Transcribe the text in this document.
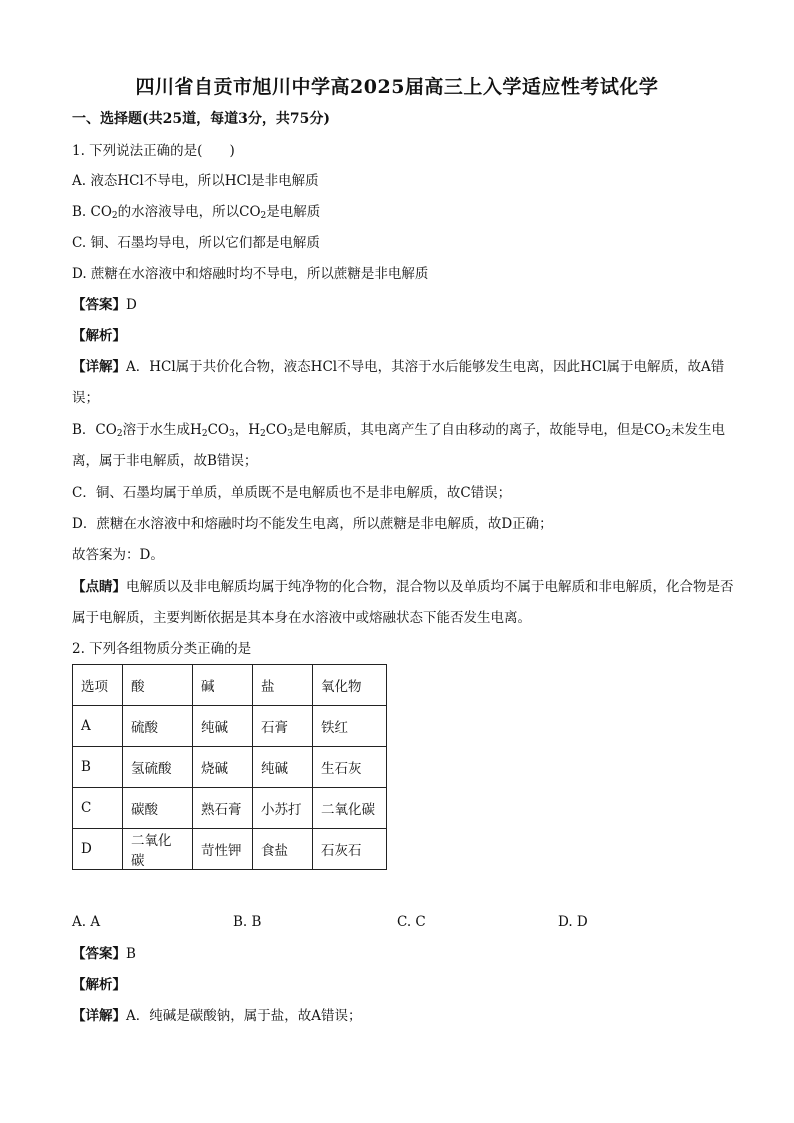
四川省自贡市旭川中学高2025届高三上入学适应性考试化学
一、选择题(共25道，每道3分，共75分)
1. 下列说法正确的是(　　)
A. 液态HCl不导电，所以HCl是非电解质
B. $CO_2$的水溶液导电，所以$CO_2$是电解质
C. 铜、石墨均导电，所以它们都是电解质
D. 蔗糖在水溶液中和熔融时均不导电，所以蔗糖是非电解质
【答案】D
【解析】
【详解】A．HCl属于共价化合物，液态HCl不导电，其溶于水后能够发生电离，因此HCl属于电解质，故A错误；
B．$CO_2$溶于水生成$H_2CO_3$，$H_2CO_3$是电解质，其电离产生了自由移动的离子，故能导电，但是$CO_2$未发生电离，属于非电解质，故B错误；
C．铜、石墨均属于单质，单质既不是电解质也不是非电解质，故C错误；
D．蔗糖在水溶液中和熔融时均不能发生电离，所以蔗糖是非电解质，故D正确；
故答案为：D。
【点睛】电解质以及非电解质均属于纯净物的化合物，混合物以及单质均不属于电解质和非电解质，化合物是否属于电解质，主要判断依据是其本身在水溶液中或熔融状态下能否发生电离。
2. 下列各组物质分类正确的是
选项	酸	碱	盐	氧化物
A	硫酸	纯碱	石膏	铁红
B	氢硫酸	烧碱	纯碱	生石灰
C	碳酸	熟石膏	小苏打	二氧化碳
D	二氧化碳	苛性钾	食盐	石灰石
A. A	B. B	C. C	D. D
【答案】B
【解析】
【详解】A．纯碱是碳酸钠，属于盐，故A错误；
